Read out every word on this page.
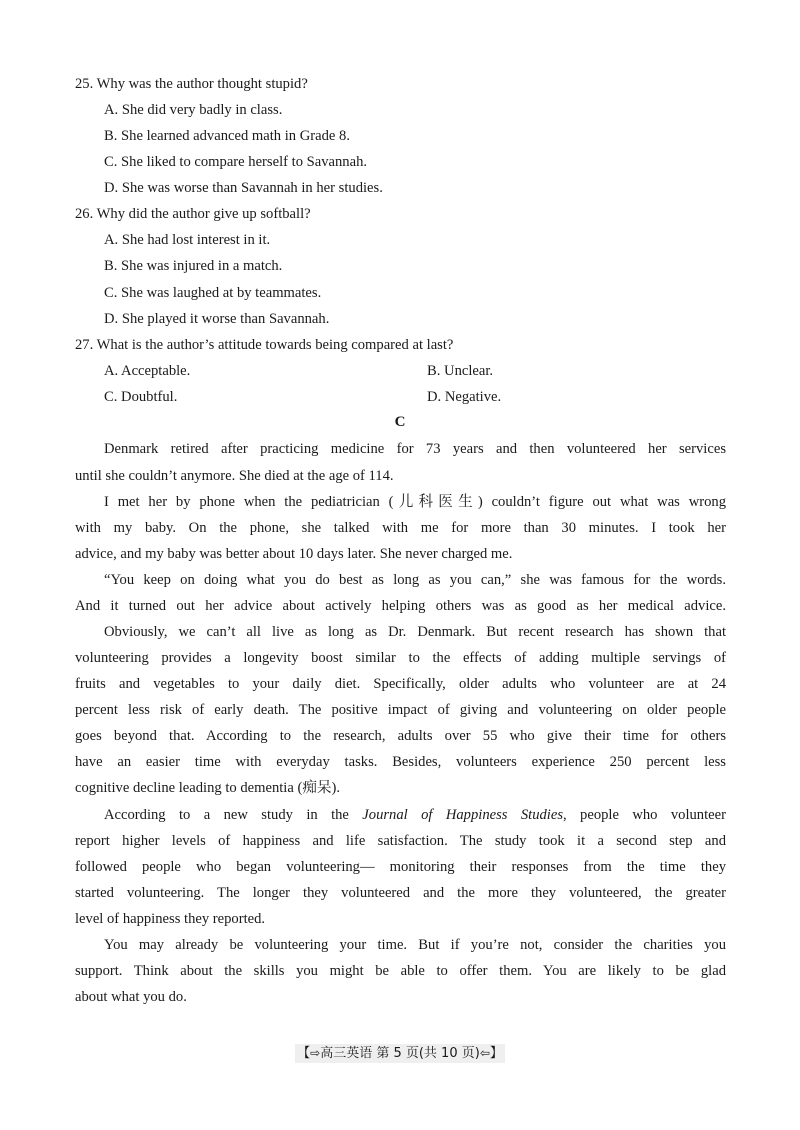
25. Why was the author thought stupid?
A. She did very badly in class.
B. She learned advanced math in Grade 8.
C. She liked to compare herself to Savannah.
D. She was worse than Savannah in her studies.
26. Why did the author give up softball?
A. She had lost interest in it.
B. She was injured in a match.
C. She was laughed at by teammates.
D. She played it worse than Savannah.
27. What is the author’s attitude towards being compared at last?
A. Acceptable.	B. Unclear.
C. Doubtful.	D. Negative.
C
Denmark retired after practicing medicine for 73 years and then volunteered her services
until she couldn’t anymore. She died at the age of 114.
I met her by phone when the pediatrician (儿科医生) couldn’t figure out what was wrong
with my baby. On the phone, she talked with me for more than 30 minutes. I took her
advice, and my baby was better about 10 days later. She never charged me.
“You keep on doing what you do best as long as you can,” she was famous for the words.
And it turned out her advice about actively helping others was as good as her medical advice.
Obviously, we can’t all live as long as Dr. Denmark. But recent research has shown that
volunteering provides a longevity boost similar to the effects of adding multiple servings of
fruits and vegetables to your daily diet. Specifically, older adults who volunteer are at 24
percent less risk of early death. The positive impact of giving and volunteering on older people
goes beyond that. According to the research, adults over 55 who give their time for others
have an easier time with everyday tasks. Besides, volunteers experience 250 percent less
cognitive decline leading to dementia (痴呆).
According to a new study in the Journal of Happiness Studies, people who volunteer
report higher levels of happiness and life satisfaction. The study took it a second step and
followed people who began volunteering— monitoring their responses from the time they
started volunteering. The longer they volunteered and the more they volunteered, the greater
level of happiness they reported.
You may already be volunteering your time. But if you’re not, consider the charities you
support. Think about the skills you might be able to offer them. You are likely to be glad
about what you do.
【⇨高三英语 第 5 页(共 10 页)⇦】
